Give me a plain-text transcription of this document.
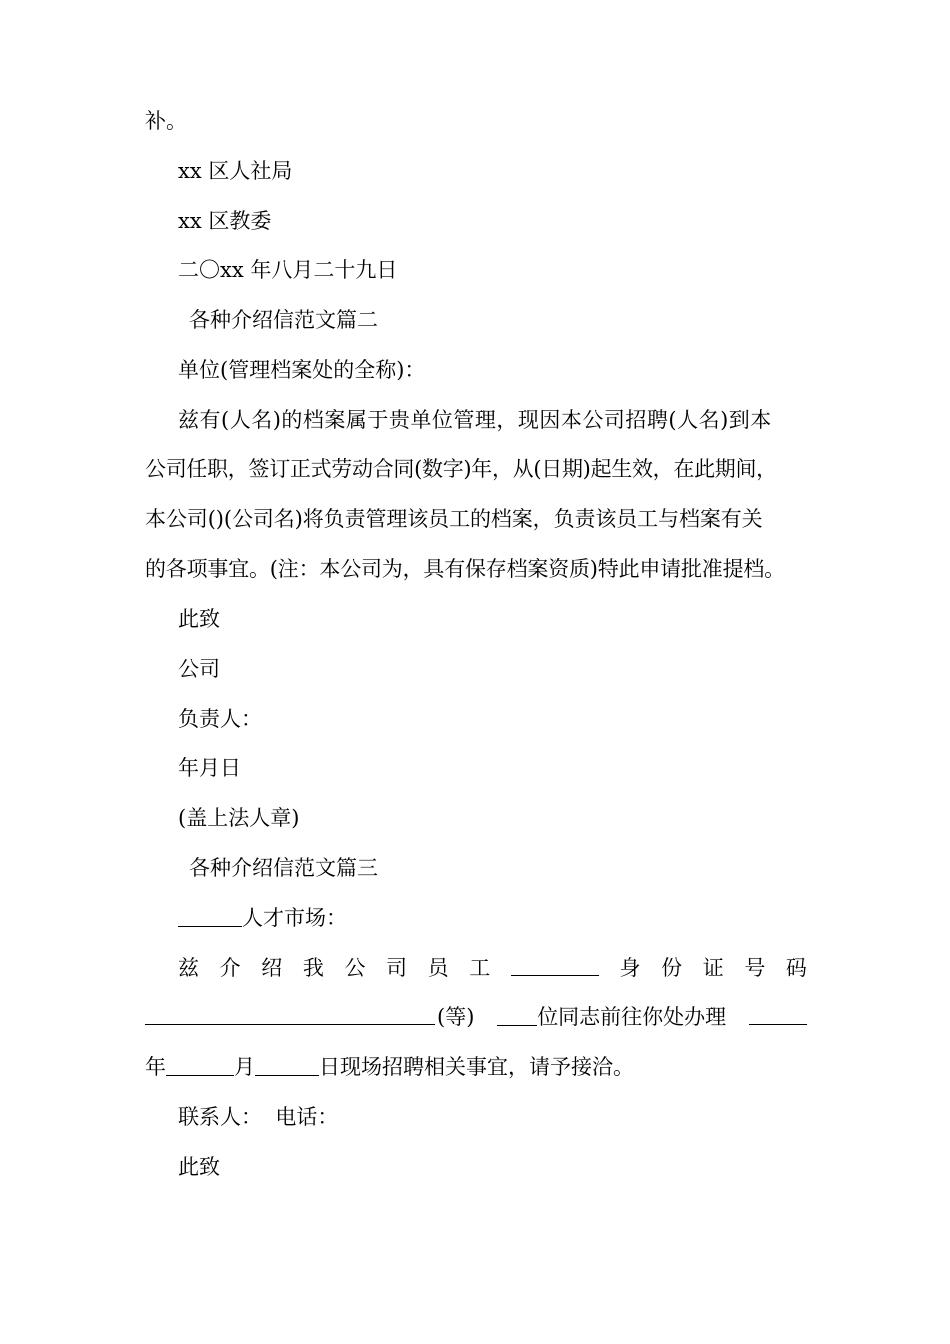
补。
xx 区人社局
xx 区教委
二〇xx 年八月二十九日
各种介绍信范文篇二
单位(管理档案处的全称)：
兹有(人名)的档案属于贵单位管理，现因本公司招聘(人名)到本
公司任职，签订正式劳动合同(数字)年，从(日期)起生效，在此期间，
本公司()(公司名)将负责管理该员工的档案，负责该员工与档案有关
的各项事宜。(注：本公司为，具有保存档案资质)特此申请批准提档。
此致
公司
负责人：
年月日
(盖上法人章)
各种介绍信范文篇三
人才市场：
兹 介 绍 我 公 司 员 工	身 份 证 号 码
(等)	位同志前往你处办理
年	月	日现场招聘相关事宜，请予接洽。
联系人：  电话：
此致
